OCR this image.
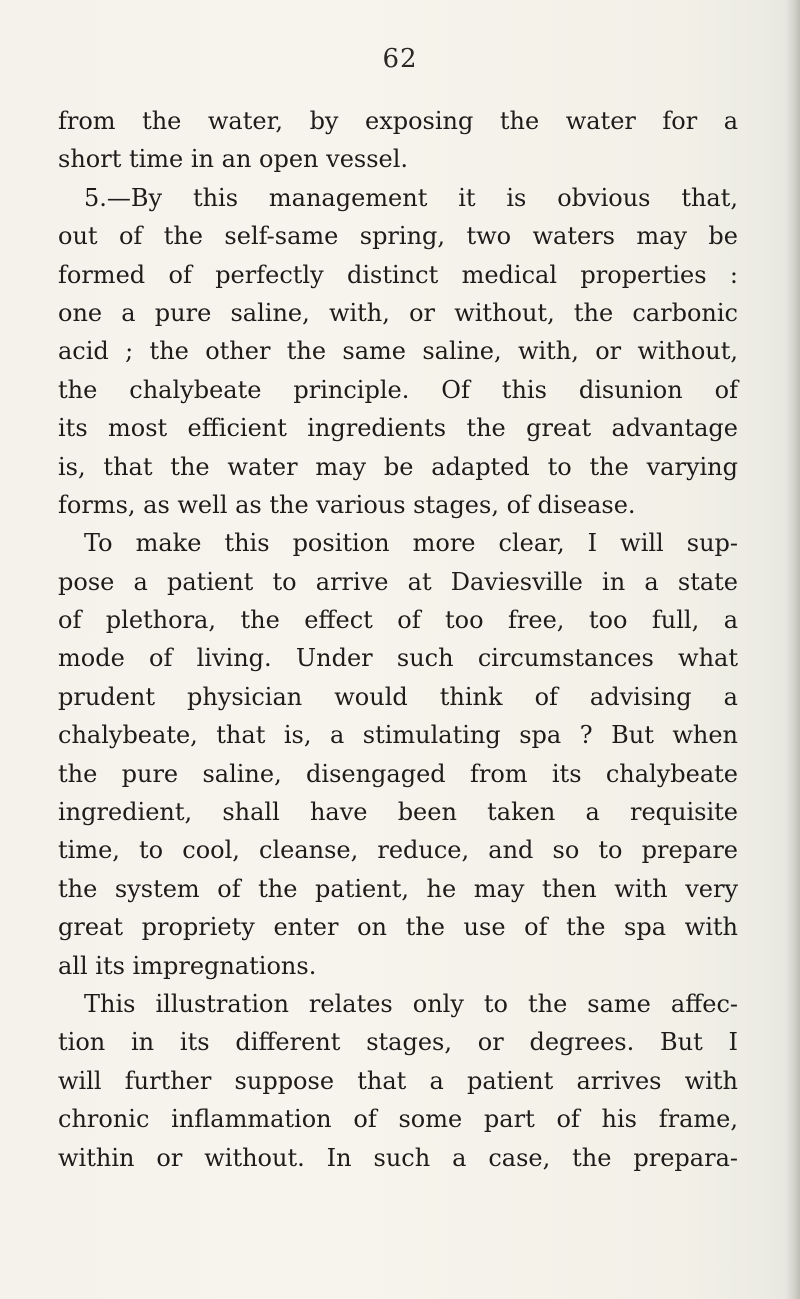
62
from the water, by exposing the water for a
short time in an open vessel.
5.—By this management it is obvious that,
out of the self-same spring, two waters may be
formed of perfectly distinct medical properties :
one a pure saline, with, or without, the carbonic
acid ; the other the same saline, with, or without,
the chalybeate principle. Of this disunion of
its most efficient ingredients the great advantage
is, that the water may be adapted to the varying
forms, as well as the various stages, of disease.
To make this position more clear, I will sup-
pose a patient to arrive at Daviesville in a state
of plethora, the effect of too free, too full, a
mode of living. Under such circumstances what
prudent physician would think of advising a
chalybeate, that is, a stimulating spa ? But when
the pure saline, disengaged from its chalybeate
ingredient, shall have been taken a requisite
time, to cool, cleanse, reduce, and so to prepare
the system of the patient, he may then with very
great propriety enter on the use of the spa with
all its impregnations.
This illustration relates only to the same affec-
tion in its different stages, or degrees. But I
will further suppose that a patient arrives with
chronic inflammation of some part of his frame,
within or without. In such a case, the prepara-
